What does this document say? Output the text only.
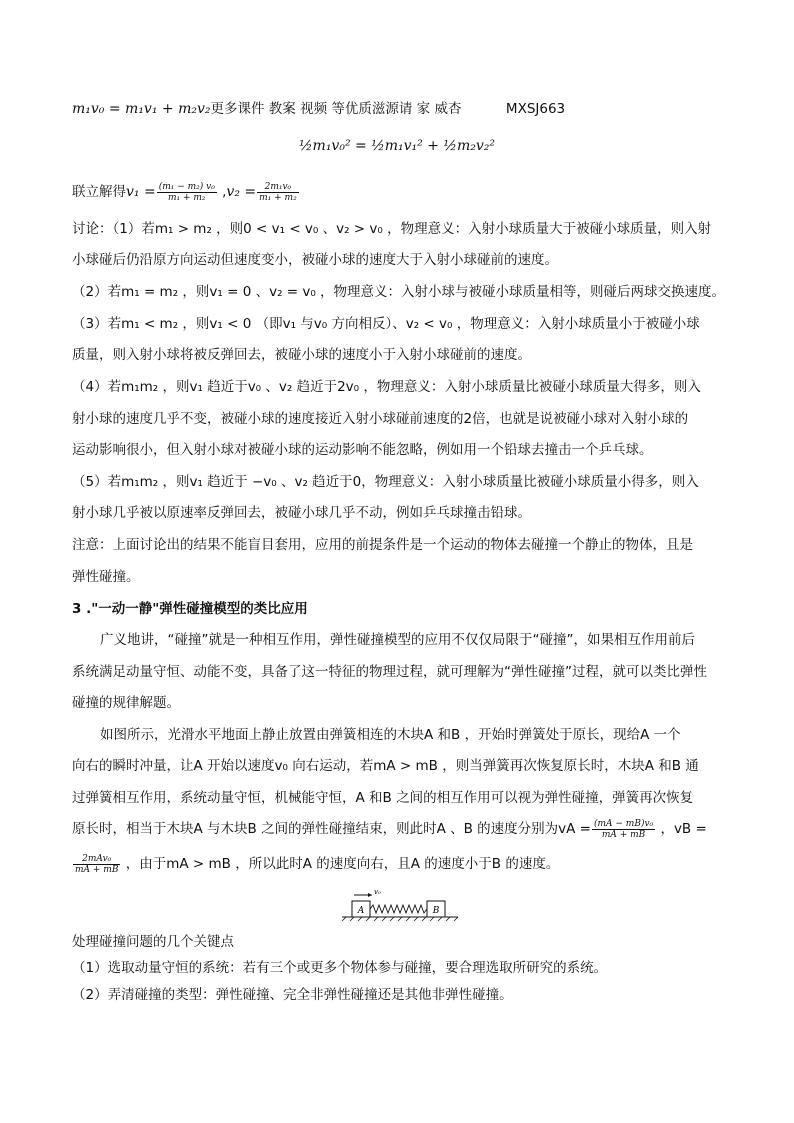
m₁v₀ = m₁v₁ + m₂v₂更多课件 教案 视频 等优质滋源请 家 威杏	MXSJ663
½m₁v₀² = ½m₁v₁² + ½m₂v₂²
联立解得$v_1 = \frac{\text{(m₁ − m₂) v₀}}{\text{m₁ + m₂}} ,v_2 = \frac{\text{2m₁v₀}}{\text{m₁ + m₂}}$
讨论：（1）若m₁ > m₂ ，则0 < v₁ < v₀ 、v₂ > v₀ ，物理意义：入射小球质量大于被碰小球质量，则入射
小球碰后仍沿原方向运动但速度变小，被碰小球的速度大于入射小球碰前的速度。
（2）若m₁ = m₂ ，则v₁ = 0 、v₂ = v₀ ，物理意义：入射小球与被碰小球质量相等，则碰后两球交换速度。
（3）若m₁ < m₂ ，则v₁ < 0 （即v₁ 与v₀ 方向相反）、v₂ < v₀ ，物理意义：入射小球质量小于被碰小球
质量，则入射小球将被反弹回去，被碰小球的速度小于入射小球碰前的速度。
（4）若m₁m₂ ，则v₁ 趋近于v₀ 、v₂ 趋近于2v₀ ，物理意义：入射小球质量比被碰小球质量大得多，则入
射小球的速度几乎不变，被碰小球的速度接近入射小球碰前速度的2倍，也就是说被碰小球对入射小球的
运动影响很小，但入射小球对被碰小球的运动影响不能忽略，例如用一个铅球去撞击一个乒乓球。
（5）若m₁m₂ ，则v₁ 趋近于 −v₀ 、v₂ 趋近于0，物理意义：入射小球质量比被碰小球质量小得多，则入
射小球几乎被以原速率反弹回去，被碰小球几乎不动，例如乒乓球撞击铅球。
注意：上面讨论出的结果不能盲目套用，应用的前提条件是一个运动的物体去碰撞一个静止的物体，且是
弹性碰撞。
3 ."一动一静"弹性碰撞模型的类比应用
广义地讲，“碰撞”就是一种相互作用，弹性碰撞模型的应用不仅仅局限于“碰撞”，如果相互作用前后
系统满足动量守恒、动能不变，具备了这一特征的物理过程，就可理解为“弹性碰撞”过程，就可以类比弹性
碰撞的规律解题。
如图所示，光滑水平地面上静止放置由弹簧相连的木块A 和B ，开始时弹簧处于原长，现给A 一个
向右的瞬时冲量，让A 开始以速度v₀ 向右运动，若mA > mB ，则当弹簧再次恢复原长时，木块A 和B 通
过弹簧相互作用，系统动量守恒，机械能守恒，A 和B 之间的相互作用可以视为弹性碰撞，弹簧再次恢复
原长时，相当于木块A 与木块B 之间的弹性碰撞结束，则此时A 、B 的速度分别为vA = $\frac{\text{(mA − mB)v₀}}{mA + mB}$ ，vB =
$\frac{\text{2mAv₀}}{mA + mB}$ ，由于mA > mB ，所以此时A 的速度向右，且A 的速度小于B 的速度。
A	B
v₀
处理碰撞问题的几个关键点
（1）选取动量守恒的系统：若有三个或更多个物体参与碰撞，要合理选取所研究的系统。
（2）弄清碰撞的类型：弹性碰撞、完全非弹性碰撞还是其他非弹性碰撞。
